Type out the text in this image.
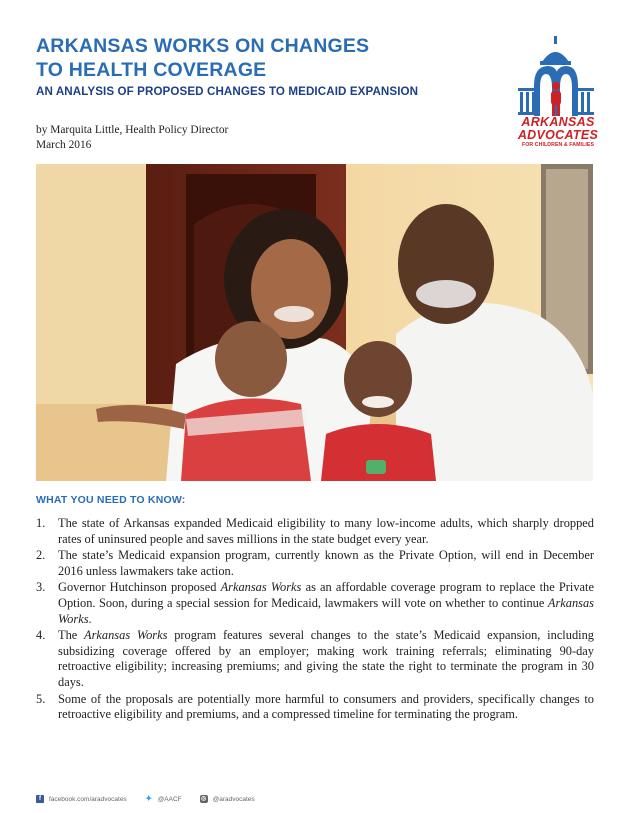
ARKANSAS WORKS ON CHANGES
TO HEALTH COVERAGE
AN ANALYSIS OF PROPOSED CHANGES TO MEDICAID EXPANSION
by Marquita Little, Health Policy Director
March 2016
ARKANSAS
ADVOCATES
FOR CHILDREN & FAMILIES
WHAT YOU NEED TO KNOW:
1. The state of Arkansas expanded Medicaid eligibility to many low-income adults, which sharply dropped rates of uninsured people and saves millions in the state budget every year.
2. The state’s Medicaid expansion program, currently known as the Private Option, will end in December 2016 unless lawmakers take action.
3. Governor Hutchinson proposed Arkansas Works as an affordable coverage program to replace the Private Option. Soon, during a special session for Medicaid, lawmakers will vote on whether to continue Arkansas Works.
4. The Arkansas Works program features several changes to the state’s Medicaid expansion, including subsidizing coverage offered by an employer; making work training referrals; eliminating 90-day retroactive eligibility; increasing premiums; and giving the state the right to terminate the program in 30 days.
5. Some of the proposals are potentially more harmful to consumers and providers, specifically changes to retroactive eligibility and premiums, and a compressed timeline for terminating the program.
f	facebook.com/aradvocates ✦ @AACF	◎ @aradvocates
